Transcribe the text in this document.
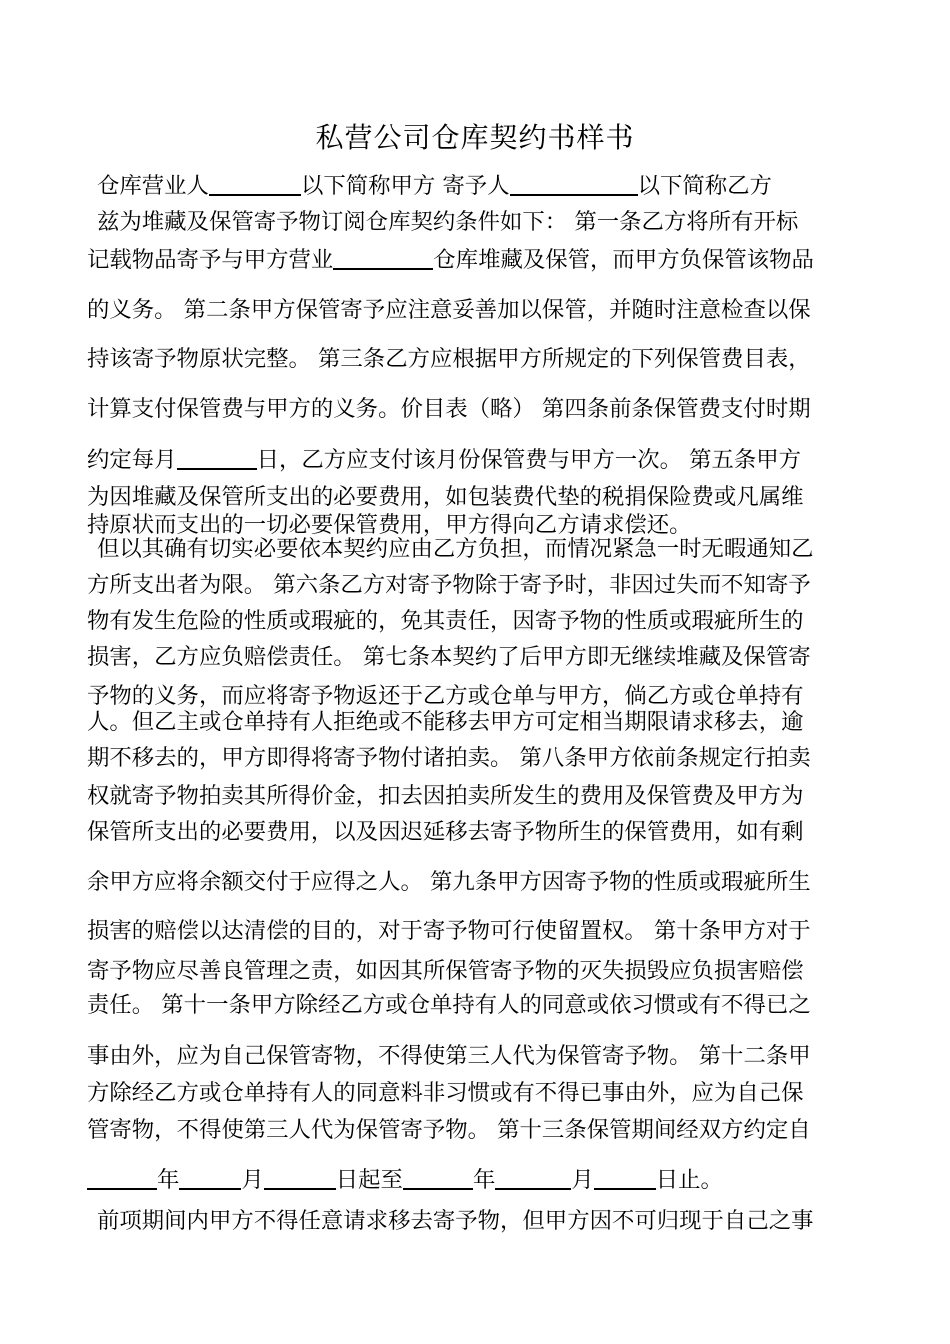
私营公司仓库契约书样书
仓库营业人	以下简称甲方 寄予人	以下简称乙方
兹为堆藏及保管寄予物订阅仓库契约条件如下： 第一条乙方将所有开标
记载物品寄予与甲方营业	仓库堆藏及保管，而甲方负保管该物品
的义务。 第二条甲方保管寄予应注意妥善加以保管，并随时注意检查以保
持该寄予物原状完整。 第三条乙方应根据甲方所规定的下列保管费目表，
计算支付保管费与甲方的义务。价目表（略） 第四条前条保管费支付时期
约定每月	日，乙方应支付该月份保管费与甲方一次。 第五条甲方
为因堆藏及保管所支出的必要费用，如包装费代垫的税捐保险费或凡属维
持原状而支出的一切必要保管费用，甲方得向乙方请求偿还。
但以其确有切实必要依本契约应由乙方负担，而情况紧急一时无暇通知乙
方所支出者为限。 第六条乙方对寄予物除于寄予时，非因过失而不知寄予
物有发生危险的性质或瑕疵的，免其责任，因寄予物的性质或瑕疵所生的
损害，乙方应负赔偿责任。 第七条本契约了后甲方即无继续堆藏及保管寄
予物的义务，而应将寄予物返还于乙方或仓单与甲方，倘乙方或仓单持有
人。但乙主或仓单持有人拒绝或不能移去甲方可定相当期限请求移去，逾
期不移去的，甲方即得将寄予物付诸拍卖。 第八条甲方依前条规定行拍卖
权就寄予物拍卖其所得价金，扣去因拍卖所发生的费用及保管费及甲方为
保管所支出的必要费用，以及因迟延移去寄予物所生的保管费用，如有剩
余甲方应将余额交付于应得之人。 第九条甲方因寄予物的性质或瑕疵所生
损害的赔偿以达清偿的目的，对于寄予物可行使留置权。 第十条甲方对于
寄予物应尽善良管理之责，如因其所保管寄予物的灭失损毁应负损害赔偿
责任。 第十一条甲方除经乙方或仓单持有人的同意或依习惯或有不得已之
事由外，应为自己保管寄物，不得使第三人代为保管寄予物。 第十二条甲
方除经乙方或仓单持有人的同意料非习惯或有不得已事由外，应为自己保
管寄物，不得使第三人代为保管寄予物。 第十三条保管期间经双方约定自
年	月	日起至	年	月	日止。
前项期间内甲方不得任意请求移去寄予物，但甲方因不可归现于自己之事
